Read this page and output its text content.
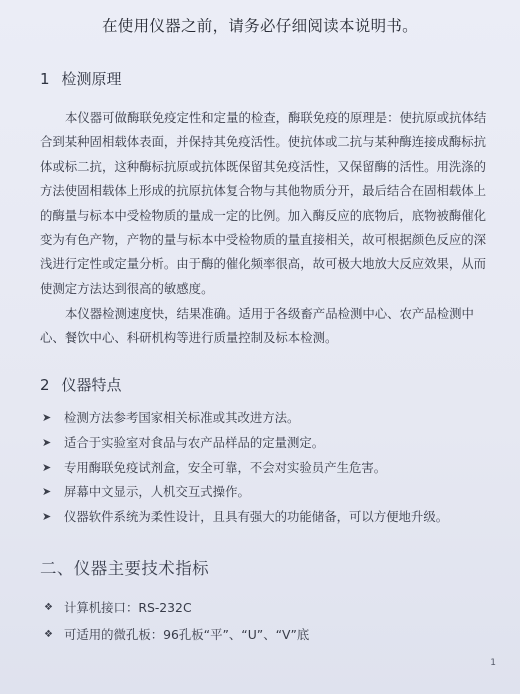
在使用仪器之前，请务必仔细阅读本说明书。
1 检测原理

本仪器可做酶联免疫定性和定量的检查，酶联免疫的原理是：使抗原或抗体结合到某种固相载体表面，并保持其免疫活性。使抗体或二抗与某种酶连接成酶标抗体或标二抗，这种酶标抗原或抗体既保留其免疫活性，又保留酶的活性。用洗涤的方法使固相载体上形成的抗原抗体复合物与其他物质分开，最后结合在固相载体上的酶量与标本中受检物质的量成一定的比例。加入酶反应的底物后，底物被酶催化变为有色产物，产物的量与标本中受检物质的量直接相关，故可根据颜色反应的深浅进行定性或定量分析。由于酶的催化频率很高，故可极大地放大反应效果，从而使测定方法达到很高的敏感度。

本仪器检测速度快，结果准确。适用于各级畜产品检测中心、农产品检测中心、餐饮中心、科研机构等进行质量控制及标本检测。

2 仪器特点
➤	检测方法参考国家相关标准或其改进方法。
➤	适合于实验室对食品与农产品样品的定量测定。
➤	专用酶联免疫试剂盒，安全可靠，不会对实验员产生危害。
➤	屏幕中文显示，人机交互式操作。
➤	仪器软件系统为柔性设计，且具有强大的功能储备，可以方便地升级。
二、仪器主要技术指标
❖ 计算机接口：RS-232C
❖ 可适用的微孔板：96孔板“平”、“U”、“V”底
1
